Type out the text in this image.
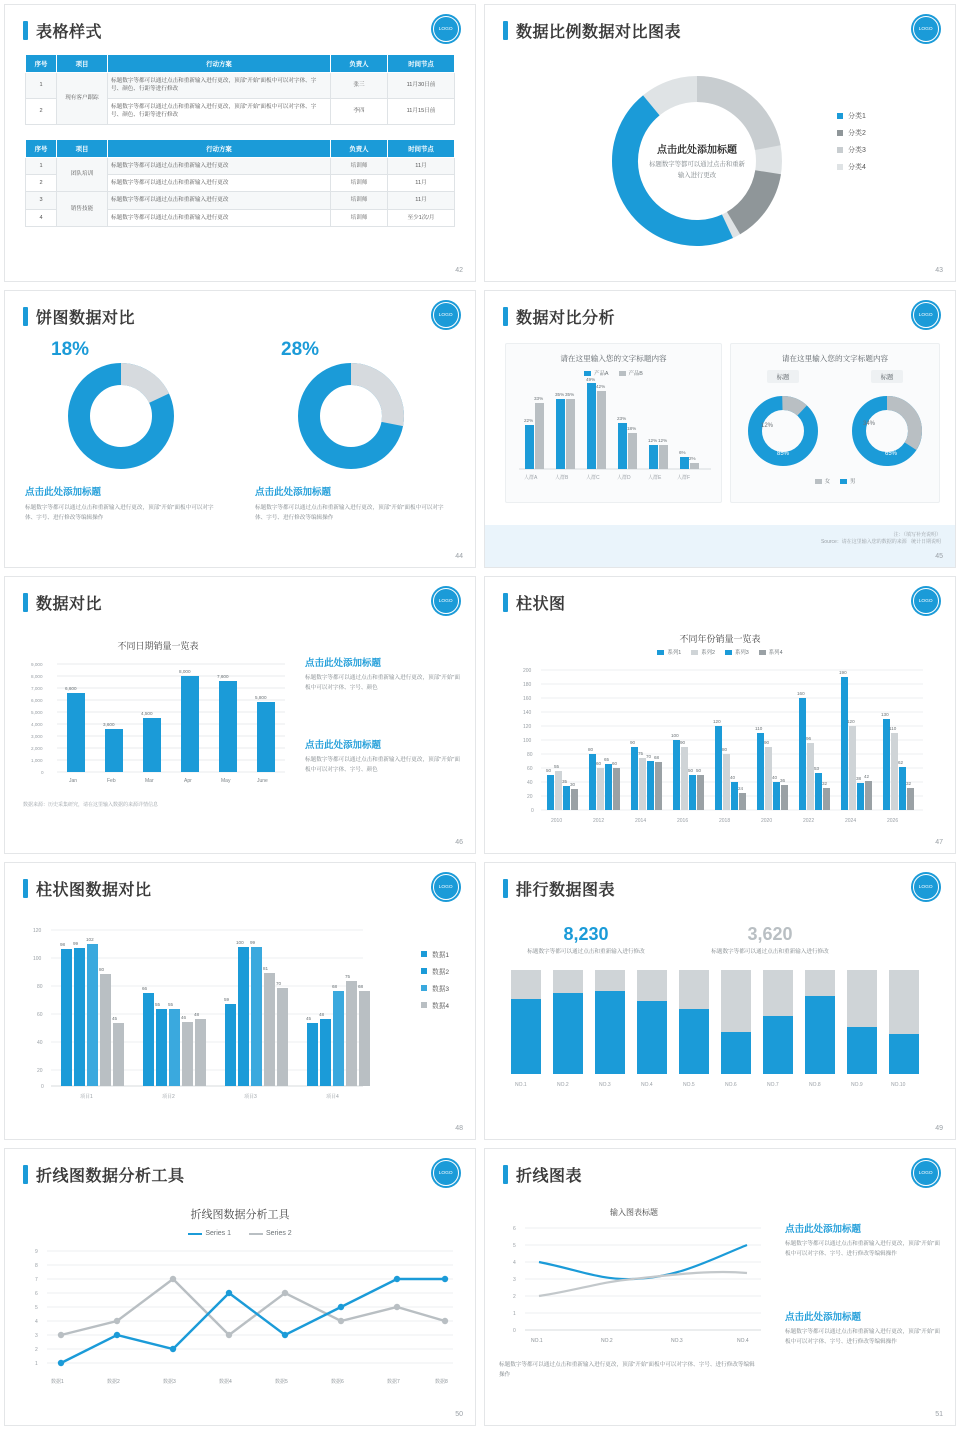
表格样式	LOGO
序号	项目	行动方案	负责人	时间节点
1	现有客户跟踪	标题数字等都可以通过点击和重新输入进行更改，顶部"开始"面板中可以对字体、字号、颜色、行距等进行修改	张三	11月30日前
2		标题数字等都可以通过点击和重新输入进行更改，顶部"开始"面板中可以对字体、字号、颜色、行距等进行修改	李四	11月15日前
序号	项目	行动方案	负责人	时间节点
1	团队培训	标题数字等都可以通过点击和重新输入进行更改	培训师	11月
2		标题数字等都可以通过点击和重新输入进行更改	培训师	11月
3	销售技能	标题数字等都可以通过点击和重新输入进行更改	培训师	11月
4		标题数字等都可以通过点击和重新输入进行更改	培训师	至少1次/月
42
数据比例数据对比图表	LOGO
点击此处添加标题
标题数字等都可以通过点击和重新输入进行更改
分类1
分类2
分类3
分类4
43
饼图数据对比	LOGO
18%
点击此处添加标题
标题数字等都可以通过点击和重新输入进行更改，顶部"开始"面板中可以对字体、字号、进行修改等编辑操作
28%
点击此处添加标题
标题数字等都可以通过点击和重新输入进行更改，顶部"开始"面板中可以对字体、字号、进行修改等编辑操作
44
数据对比分析	LOGO
请在这里输入您的文字标题内容
产品A	产品B
22%
33%
人群A
35% 35%
人群B
49%
42%
人群C
23%
18%
人群D
12% 12%
人群E
6%
2%
人群F
请在这里输入您的文字标题内容
标题	标题
12%
85%
34%
65%
女	男
注：（填写补充说明）
Source：请在这里输入您的数据的来源 统计日期说明
45
数据对比	LOGO
不同日期销量一览表
9,000
8,000
7,000
6,000
5,000
4,000
3,000
2,000
1,000
0
6,600
3,600
4,500
8,000
7,600
5,800
Jan	Feb	Mar	Apr	May	June
数据来源：历史采集研究，请在这里输入数据的来源详情信息
点击此处添加标题
标题数字等都可以通过点击和重新输入进行更改，顶部"开始"面板中可以对字体、字号、颜色
点击此处添加标题
标题数字等都可以通过点击和重新输入进行更改，顶部"开始"面板中可以对字体、字号、颜色
46
柱状图	LOGO
不同年份销量一览表
系列1	系列2	系列3	系列4
200
180
160
140
120
100
80
60
40
20
0
50
55
35
30
2010
80
60
65
60
2012
90
75
70 68
2014
100
90
50 50
2016
120
80
40
24
2018
110
90
40
36
2020
160
96
53
32
2022
190
120
38 42
2024
130
110
62
32
2026
47
柱状图数据对比	LOGO
120
100
80
60
40
20
0
98 99
102
80
45
项目1
66
55 55
46
48
项目2
59
100 99
81
70
项目3
45
48
68
75
68
项目4
数据1
数据2
数据3
数据4
48
排行数据图表	LOGO
8,230
标题数字等都可以通过点击和重新输入进行修改
3,620
标题数字等都可以通过点击和重新输入进行修改
NO.1	NO.2	NO.3	NO.4	NO.5	NO.6	NO.7	NO.8	NO.9	NO.10
49
折线图数据分析工具	LOGO
折线图数据分析工具
Series 1	Series 2
9
8
7
6
5
4
3
2
1
数据1	数据2	数据3	数据4	数据5	数据6	数据7	数据8
50
折线图表	LOGO
输入图表标题
6
5
4
3
2
1
0
NO.1	NO.2	NO.3	NO.4
标题数字等都可以通过点击和重新输入进行更改，顶部"开始"面板中可以对字体、字号、进行修改等编辑操作
点击此处添加标题
标题数字等都可以通过点击和重新输入进行更改，顶部"开始"面板中可以对字体、字号、进行修改等编辑操作
点击此处添加标题
标题数字等都可以通过点击和重新输入进行更改，顶部"开始"面板中可以对字体、字号、进行修改等编辑操作
51
